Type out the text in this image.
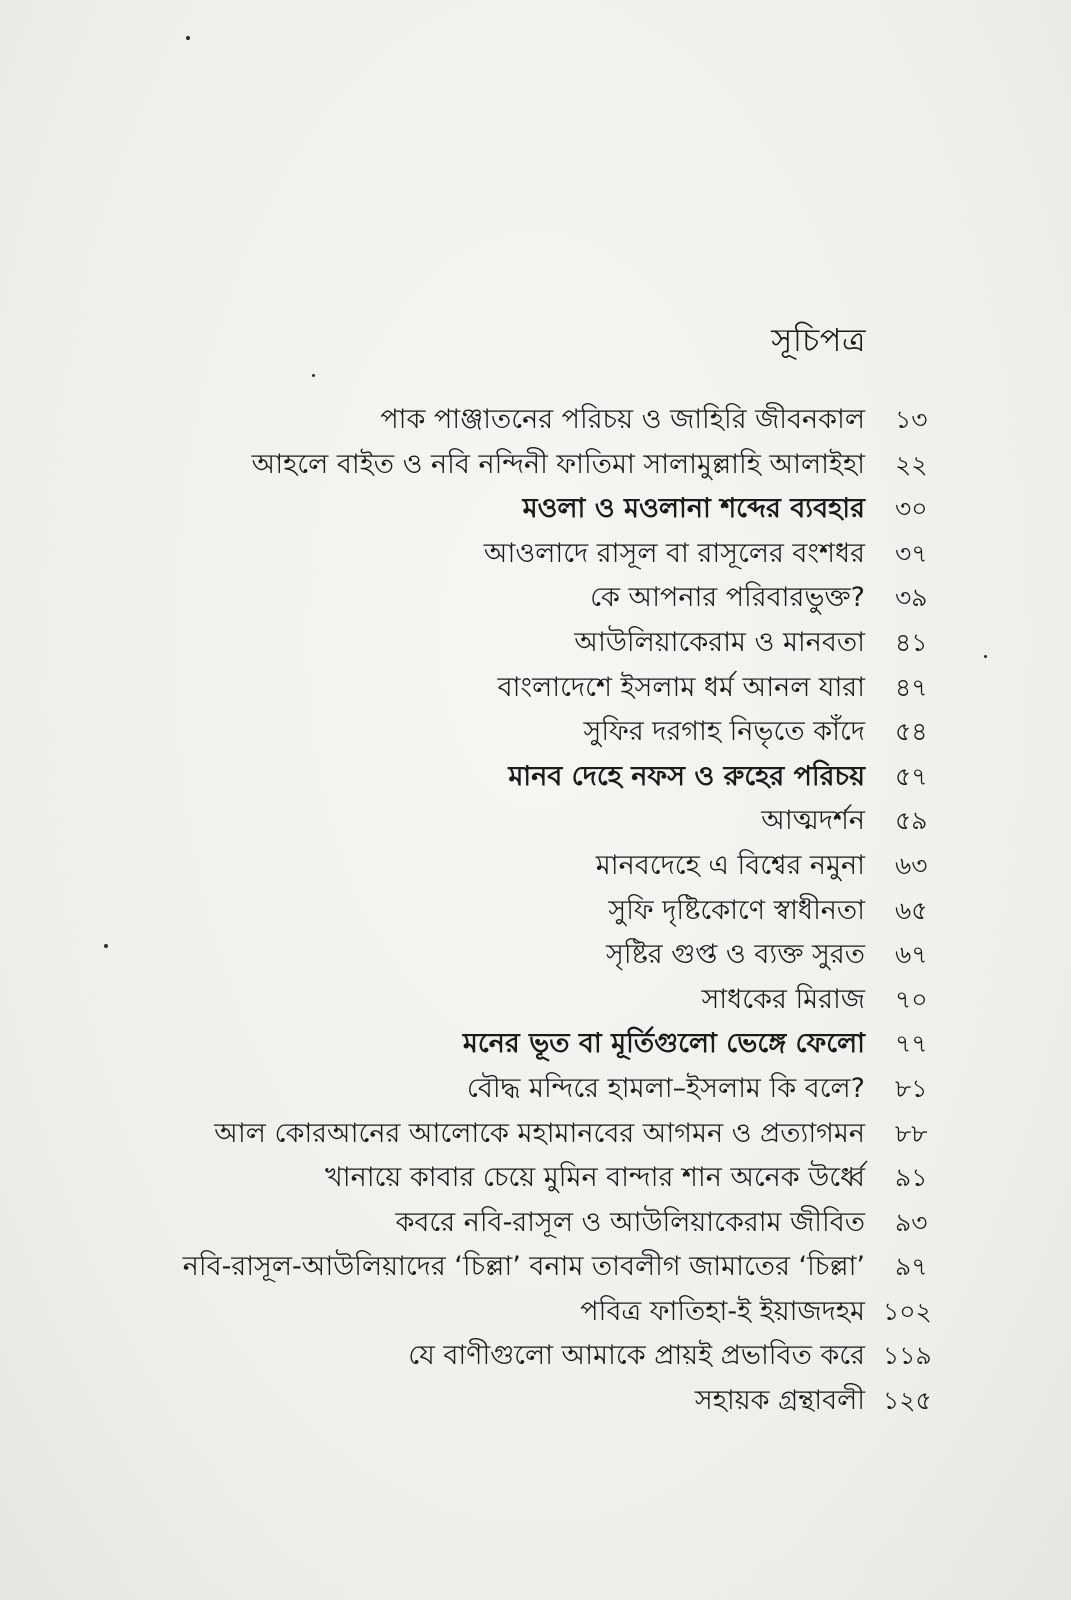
সূচিপত্র
পাক পাঞ্জাতনের পরিচয় ও জাহিরি জীবনকাল	১৩
আহলে বাইত ও নবি নন্দিনী ফাতিমা সালামুল্লাহি আলাইহা	২২
মওলা ও মওলানা শব্দের ব্যবহার	৩০
আওলাদে রাসূল বা রাসূলের বংশধর	৩৭
কে আপনার পরিবারভুক্ত?	৩৯
আউলিয়াকেরাম ও মানবতা	৪১
বাংলাদেশে ইসলাম ধর্ম আনল যারা	৪৭
সুফির দরগাহ নিভৃতে কাঁদে	৫৪
মানব দেহে নফস ও রুহের পরিচয়	৫৭
আত্মদর্শন	৫৯
মানবদেহে এ বিশ্বের নমুনা	৬৩
সুফি দৃষ্টিকোণে স্বাধীনতা	৬৫
সৃষ্টির গুপ্ত ও ব্যক্ত সুরত	৬৭
সাধকের মিরাজ	৭০
মনের ভূত বা মূর্তিগুলো ভেঙ্গে ফেলো	৭৭
বৌদ্ধ মন্দিরে হামলা–ইসলাম কি বলে?	৮১
আল কোরআনের আলোকে মহামানবের আগমন ও প্রত্যাগমন	৮৮
খানায়ে কাবার চেয়ে মুমিন বান্দার শান অনেক উর্ধ্বে	৯১
কবরে নবি-রাসূল ও আউলিয়াকেরাম জীবিত	৯৩
নবি-রাসূল-আউলিয়াদের ‘চিল্লা’ বনাম তাবলীগ জামাতের ‘চিল্লা’	৯৭
পবিত্র ফাতিহা-ই ইয়াজদহম ১০২
যে বাণীগুলো আমাকে প্রায়ই প্রভাবিত করে ১১৯
সহায়ক গ্রন্থাবলী ১২৫
